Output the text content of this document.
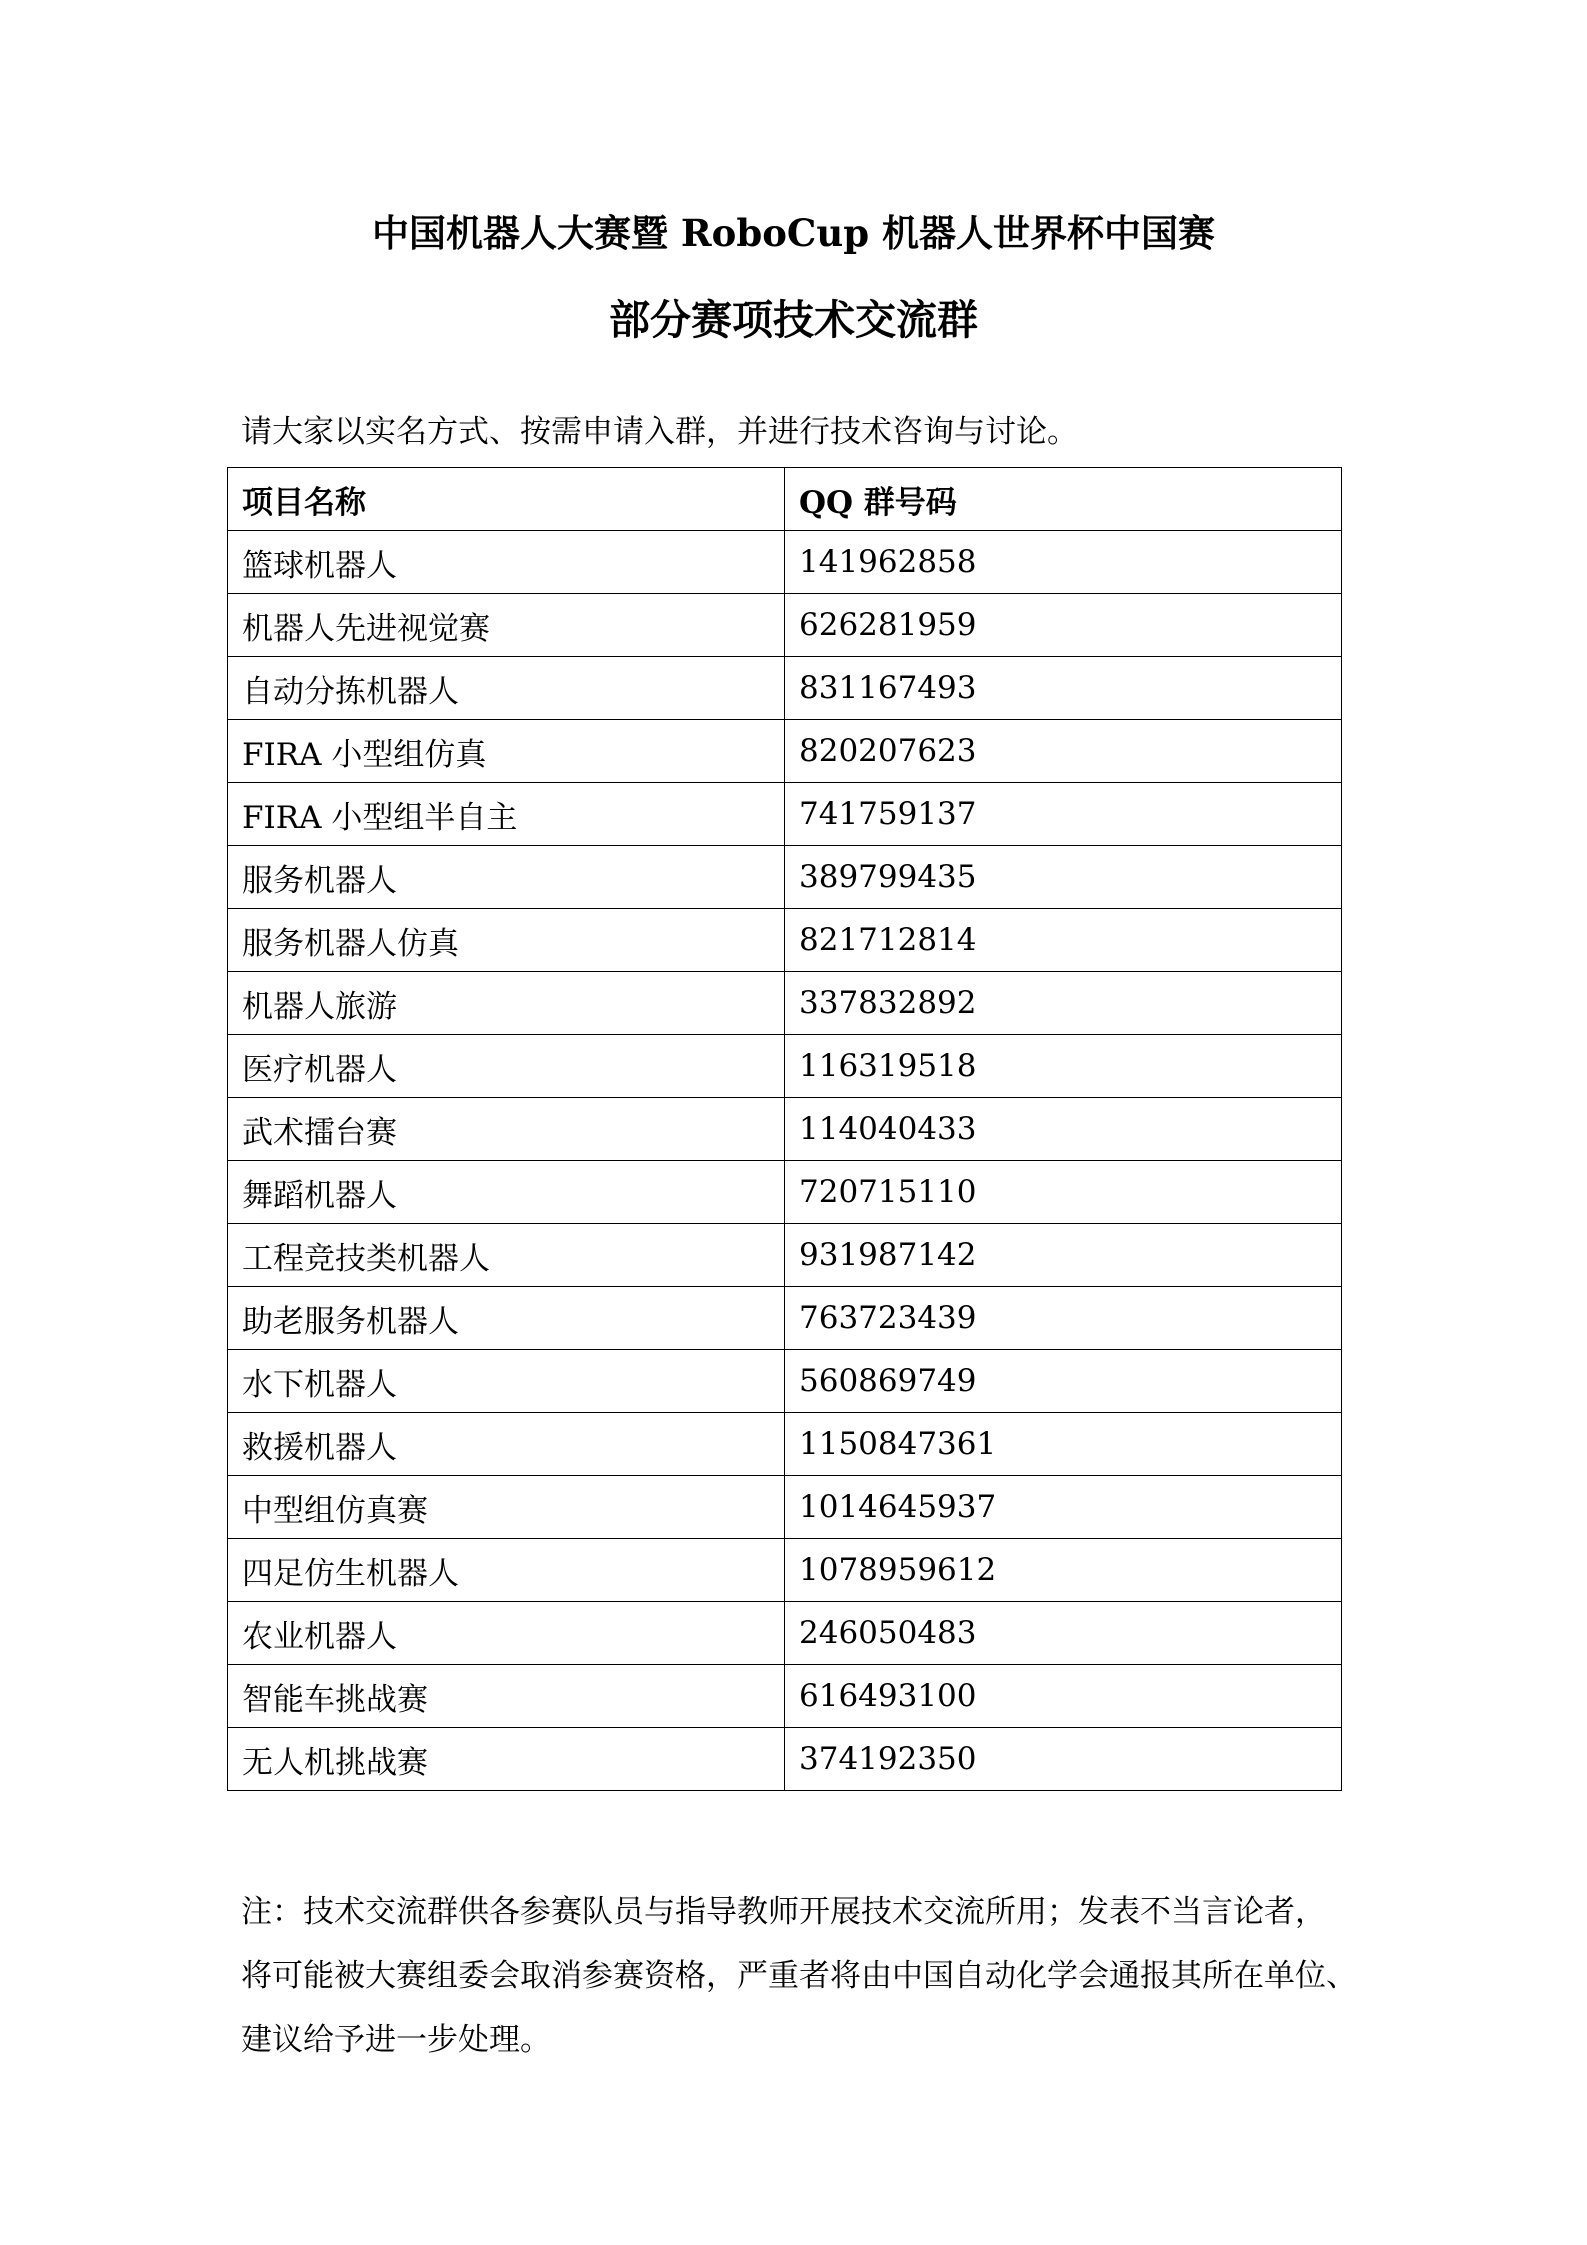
中国机器人大赛暨 RoboCup 机器人世界杯中国赛
部分赛项技术交流群

请大家以实名方式、按需申请入群，并进行技术咨询与讨论。

项目名称	QQ 群号码
篮球机器人	141962858
机器人先进视觉赛	626281959
自动分拣机器人	831167493
FIRA 小型组仿真	820207623
FIRA 小型组半自主	741759137
服务机器人	389799435
服务机器人仿真	821712814
机器人旅游	337832892
医疗机器人	116319518
武术擂台赛	114040433
舞蹈机器人	720715110
工程竞技类机器人	931987142
助老服务机器人	763723439
水下机器人	560869749
救援机器人	1150847361
中型组仿真赛	1014645937
四足仿生机器人	1078959612
农业机器人	246050483
智能车挑战赛	616493100
无人机挑战赛	374192350
注：技术交流群供各参赛队员与指导教师开展技术交流所用；发表不当言论者，
将可能被大赛组委会取消参赛资格，严重者将由中国自动化学会通报其所在单位、
建议给予进一步处理。
